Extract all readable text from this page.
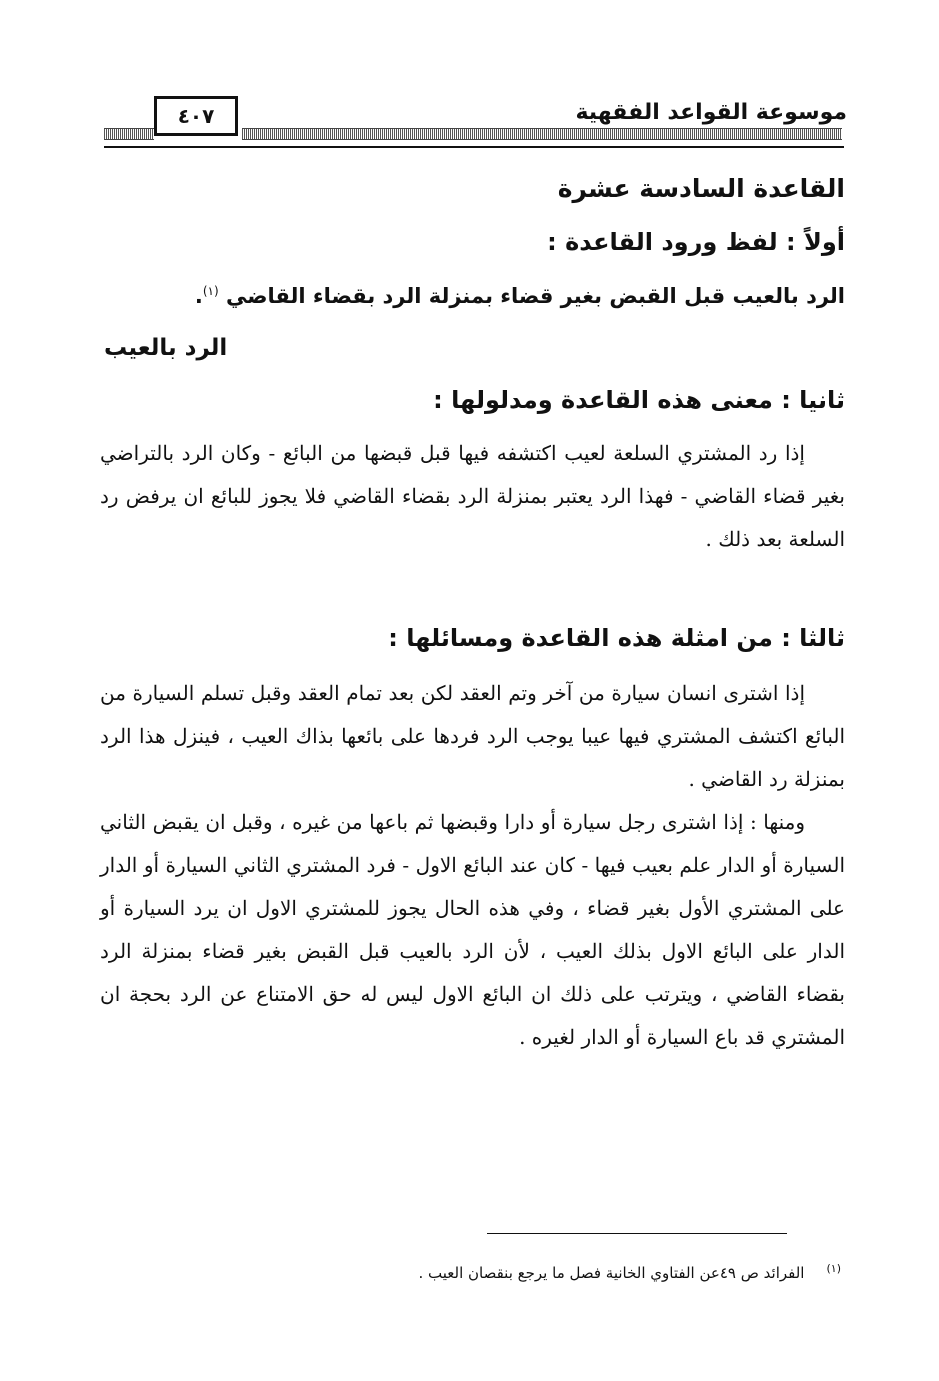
موسوعة القواعد الفقهية
٤٠٧
القاعدة السادسة عشرة
أولاً : لفظ ورود القاعدة :
الرد بالعيب قبل القبض بغير قضاء بمنزلة الرد بقضاء القاضي $^{(١)}$.
الرد بالعيب
ثانيا : معنى هذه القاعدة ومدلولها :

إذا رد المشتري السلعة لعيب اكتشفه فيها قبل قبضها من البائع - وكان الرد بالتراضي بغير قضاء القاضي - فهذا الرد يعتبر بمنزلة الرد بقضاء القاضي فلا يجوز للبائع ان يرفض رد السلعة بعد ذلك .

ثالثا : من امثلة هذه القاعدة ومسائلها :

إذا اشترى انسان سيارة من آخر وتم العقد لكن بعد تمام العقد وقبل تسلم السيارة من البائع اكتشف المشتري فيها عيبا يوجب الرد فردها على بائعها بذاك العيب ، فينزل هذا الرد بمنزلة رد القاضي .

ومنها : إذا اشترى رجل سيارة أو دارا وقبضها ثم باعها من غيره ، وقبل ان يقبض الثاني السيارة أو الدار علم بعيب فيها - كان عند البائع الاول - فرد المشتري الثاني السيارة أو الدار على المشتري الأول بغير قضاء ، وفي هذه الحال يجوز للمشتري الاول ان يرد السيارة أو الدار على البائع الاول بذلك العيب ، لأن الرد بالعيب قبل القبض بغير قضاء بمنزلة الرد بقضاء القاضي ، ويترتب على ذلك ان البائع الاول ليس له حق الامتناع عن الرد بحجة ان المشتري قد باع السيارة أو الدار لغيره .

$^{(١)}$الفرائد ص ٤٩عن الفتاوي الخانية فصل ما يرجع بنقصان العيب .
